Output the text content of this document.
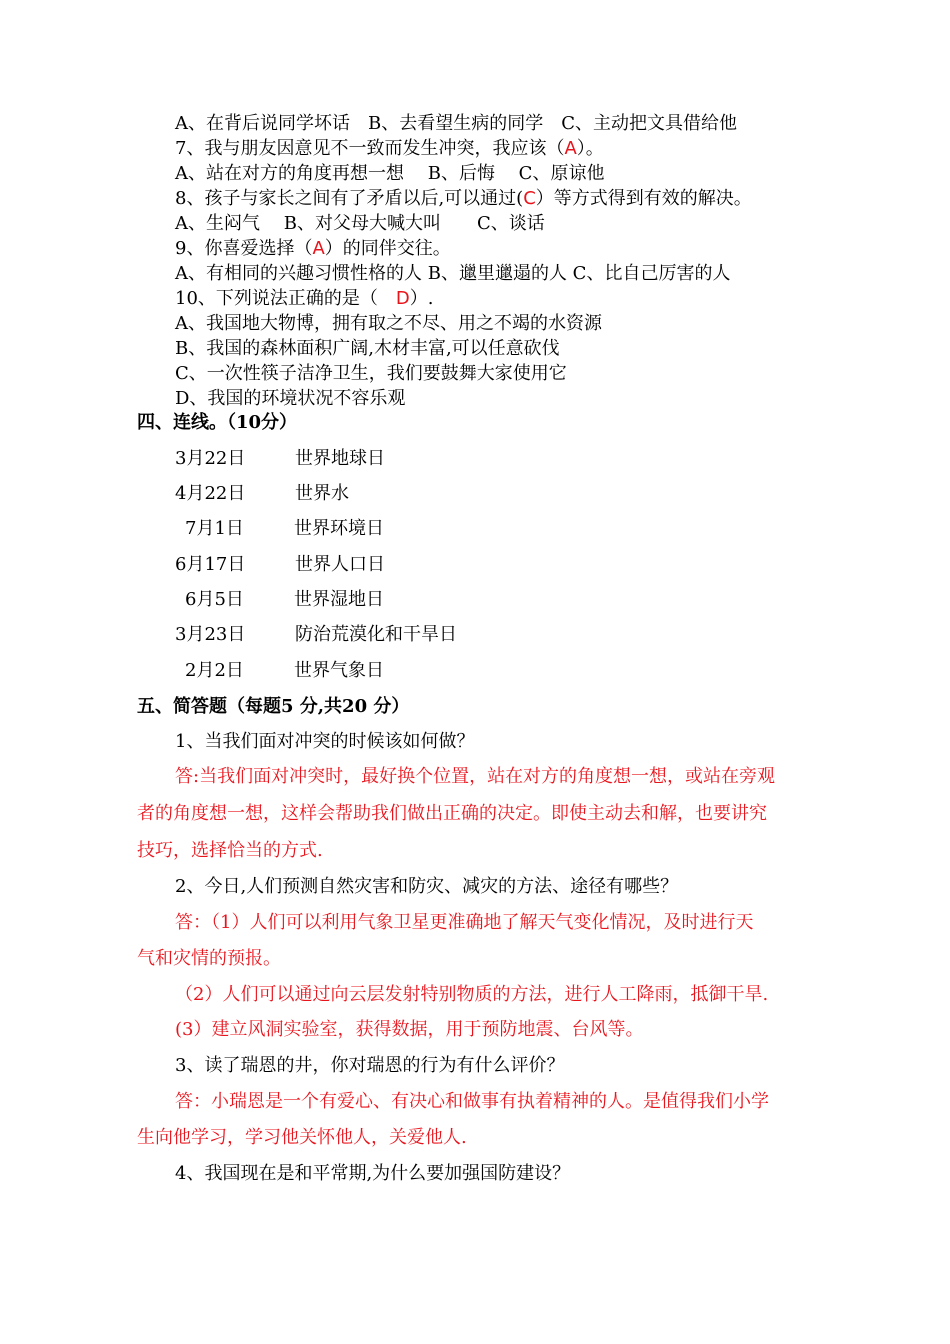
A、在背后说同学坏话　B、去看望生病的同学　C、主动把文具借给他
7、我与朋友因意见不一致而发生冲突，我应该（A）。
A、站在对方的角度再想一想　 B、后悔　 C、原谅他
8、孩子与家长之间有了矛盾以后,可以通过(C）等方式得到有效的解决。
A、生闷气　 B、对父母大喊大叫　　C、谈话
9、你喜爱选择（A）的同伴交往。
A、有相同的兴趣习惯性格的人 B、邋里邋遢的人 C、比自己厉害的人
10、下列说法正确的是（　D）.
A、我国地大物博，拥有取之不尽、用之不竭的水资源
B、我国的森林面积广阔,木材丰富,可以任意砍伐
C、一次性筷子洁净卫生，我们要鼓舞大家使用它
D、我国的环境状况不容乐观
四、连线。（10分）
3月22日	世界地球日
4月22日	世界水
7月1日	世界环境日
6月17日	世界人口日
6月5日	世界湿地日
3月23日	防治荒漠化和干旱日
2月2日	世界气象日
五、简答题（每题5 分,共20 分）
1、当我们面对冲突的时候该如何做？
答:当我们面对冲突时，最好换个位置，站在对方的角度想一想，或站在旁观
者的角度想一想，这样会帮助我们做出正确的决定。即使主动去和解，也要讲究
技巧，选择恰当的方式.
2、今日,人们预测自然灾害和防灾、减灾的方法、途径有哪些？
答：（1）人们可以利用气象卫星更准确地了解天气变化情况，及时进行天
气和灾情的预报。
（2）人们可以通过向云层发射特别物质的方法，进行人工降雨，抵御干旱.
(3）建立风洞实验室，获得数据，用于预防地震、台风等。
3、读了瑞恩的井，你对瑞恩的行为有什么评价？
答：小瑞恩是一个有爱心、有决心和做事有执着精神的人。是值得我们小学
生向他学习，学习他关怀他人，关爱他人.
4、我国现在是和平常期,为什么要加强国防建设？
